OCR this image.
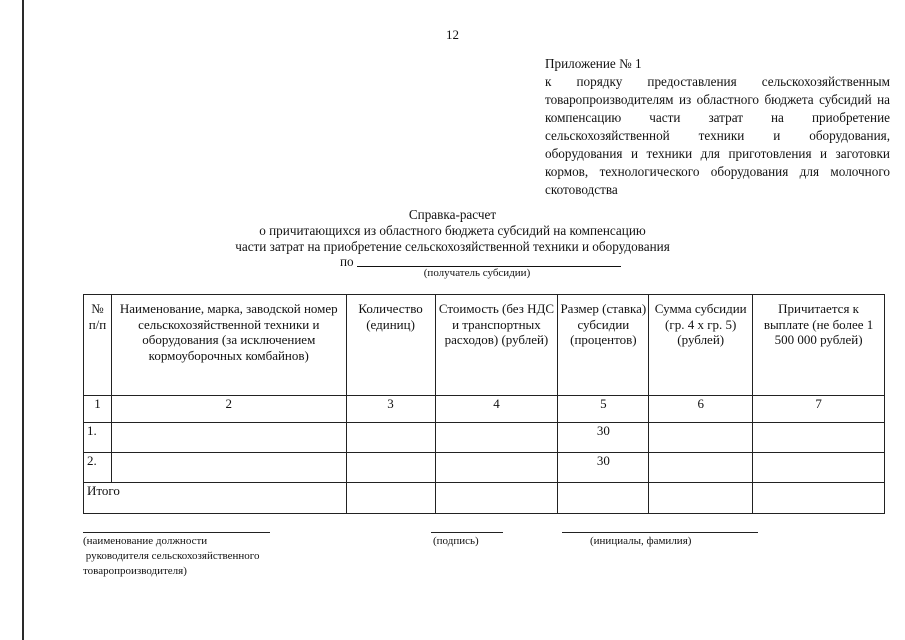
12
Приложение № 1
к порядку предоставления сельскохозяйственным товаропроизводителям из областного бюджета субсидий на компенсацию части затрат на приобретение сельскохозяйственной техники и оборудования, оборудования и техники для приготовления и заготовки кормов, технологического оборудования для молочного скотоводства
Справка-расчет
о причитающихся из областного бюджета субсидий на компенсацию
части затрат на приобретение сельскохозяйственной техники и оборудования
по
(получатель субсидии)
№ п/п	Наименование, марка, заводской номер сельскохозяйственной техники и оборудования (за исключением кормоуборочных комбайнов)	Количество (единиц)	Стоимость (без НДС и транспортных расходов) (рублей)	Размер (ставка) субсидии (процентов)	Сумма субсидии (гр. 4 х гр. 5) (рублей)	Причитается к выплате (не более 1 500 000 рублей)
1	2	3	4	5	6	7
1.				30		
2.				30		
Итого						
(наименование должности
руководителя сельскохозяйственного
товаропроизводителя)
(подпись)	(инициалы, фамилия)
